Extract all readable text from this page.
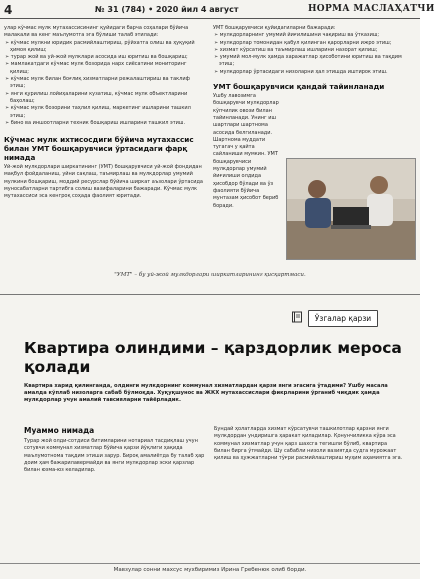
4	№ 31 (784) • 2020 йил 4 август	НОРМА МАСЛАҲАТЧИ

улар кўчмас мулк мутахассисининг қуйидаги барча соҳалари бўйича малакали ва кенг маълумотга эга бўлиши талаб этилади:

➢ кўчмас мулкни юридик расмийлаштириш, рўйхатга олиш ва ҳуқуқий ҳимоя қилиш;

➢ турар жой ва уй-жой мулклари асосида иш юритиш ва бошқариш;

➢ мамлакатдаги кўчмас мулк бозорида нарх сиёсатини мониторинг қилиш;

➢ кўчмас мулк билан боғлиқ хизматларни режалаштириш ва таклиф этиш;

➢ янги қурилиш лойиҳаларини кузатиш, кўчмас мулк объектларини баҳолаш;

➢ кўчмас мулк бозорини таҳлил қилиш, маркетинг ишларини ташкил этиш;

➢ бино ва иншоотларни техник бошқариш ишларини ташкил этиш.

Кўчмас мулк ихтисосдиги бўйича мутахассис билан УМТ бошқарувчиси ўртасидаги фарқ нимада

Уй-жой мулкдорлари ширкатининг (УМТ) бошқарувчиси уй-жой фондидан мақбул фойдаланиш, уйни сақлаш, таъмирлаш ва мулкдорлар умумий мулкини бошқариш, моддий ресурслар бўйича ширкат аъзолари ўртасида муносабатларни тартибга солиш вазифаларини бажаради. Кўчмас мулк мутахассиси эса кенгроқ соҳада фаолият юритади.

УМТ бошқарувчиси қуйидагиларни бажаради:

➢ мулкдорларнинг умумий йиғилишини чақириш ва ўтказиш;

➢ мулкдорлар томонидан қабул қилинган қарорларни ижро этиш;

➢ хизмат кўрсатиш ва таъмирлаш ишларини назорат қилиш;

➢ умумий мол-мулк ҳамда харажатлар ҳисоботини юритиш ва тақдим этиш;

➢ мулкдорлар ўртасидаги низоларни ҳал этишда иштирок этиш.

УМТ бошқарувчиси қандай тайинланади

Ушбу лавозимга бошқарувчи мулкдорлар кўпчилик овози билан тайинланади. Унинг иш шартлари шартнома асосида белгиланади. Шартнома муддати тугагач у қайта сайланиши мумкин. УМТ бошқарувчиси мулкдорлар умумий йиғилиши олдида ҳисобдор бўлади ва ўз фаолияти бўйича мунтазам ҳисобот бериб боради.

"УМТ" – бу уй-жой мулкдорлари ширкатларининг қисқартмаси.
Ўзгалар қарзи
Квартира олиндими – қарздорлик мероса қолади
Квартира харид қилинганда, олдинги мулкдорнинг коммунал хизматлардан қарзи янги эгасига ўтадими? Ушбу масала амалда кўплаб низоларга сабаб бўлмоқда. Хуқуқшунос ва ЖКХ мутахассислари фикрларини ўрганиб чиқдик ҳамда мулкдорлар учун амалий тавсияларни тайёрладик.
Муаммо нимада
Турар жой олди-сотдиси битимларини нотариал тасдиқлаш учун сотувчи коммунал хизматлар бўйича қарзи йўқлиги ҳақида маълумотнома тақдим этиши зарур. Бироқ амалиётда бу талаб ҳар доим ҳам бажарилавермайди ва янги мулкдорлар эски қарзлар билан юзма-юз келадилар.
Бундай ҳолатларда хизмат кўрсатувчи ташкилотлар қарзни янги мулкдордан ундиришга ҳаракат қиладилар. Қонунчиликка кўра эса коммунал хизматлар учун қарз шахсга тегишли бўлиб, квартира билан бирга ўтмайди. Шу сабабли низоли вазиятда судга мурожаат қилиш ва ҳужжатларни тўғри расмийлаштириш муҳим аҳамиятга эга.
Мавзулар сонни махсус мухбиримиз Ирина Гребенюк олиб борди.
